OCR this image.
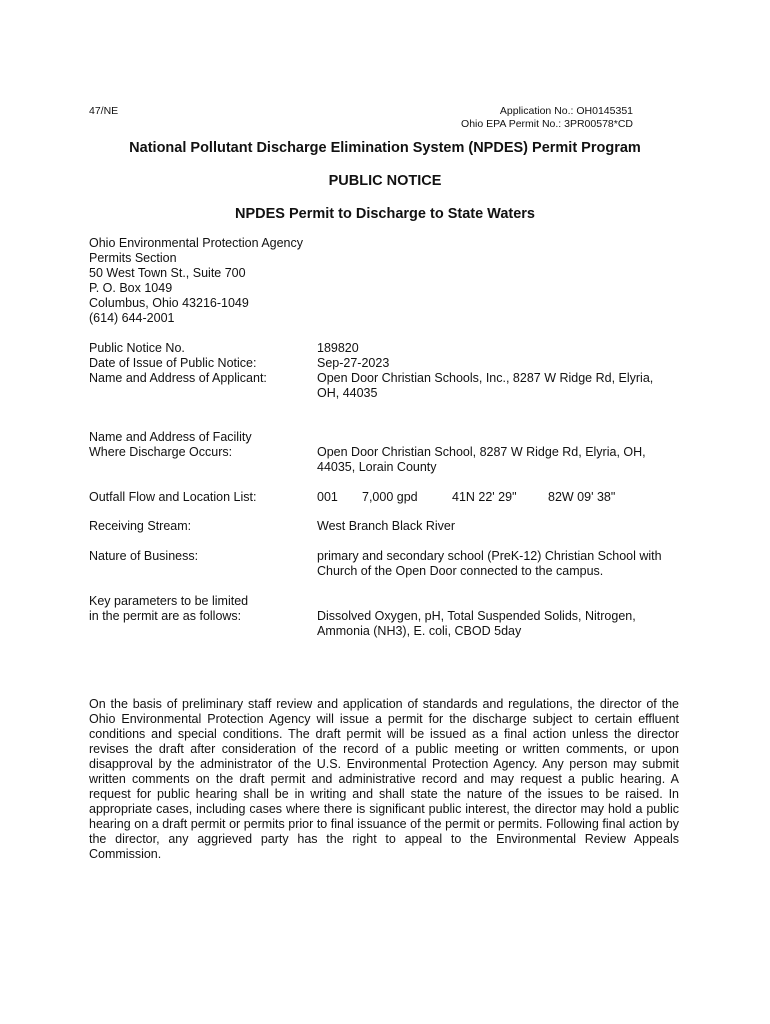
47/NE	Application No.: OH0145351
Ohio EPA Permit No.: 3PR00578*CD
National Pollutant Discharge Elimination System (NPDES) Permit Program
PUBLIC NOTICE
NPDES Permit to Discharge to State Waters
Ohio Environmental Protection Agency
Permits Section
50 West Town St., Suite 700
P. O. Box 1049
Columbus, Ohio 43216-1049
(614) 644-2001
Public Notice No.	189820
Date of Issue of Public Notice:	Sep-27-2023
Name and Address of Applicant:	Open Door Christian Schools, Inc., 8287 W Ridge Rd, Elyria, OH, 44035
Name and Address of Facility
Where Discharge Occurs:	Open Door Christian School, 8287 W Ridge Rd, Elyria, OH, 44035, Lorain County
Outfall Flow and Location List:	001 7,000 gpd	41N 22' 29"	82W 09' 38"
Receiving Stream:	West Branch Black River
Nature of Business:	primary and secondary school (PreK-12) Christian School with Church of the Open Door connected to the campus.
Key parameters to be limited
in the permit are as follows:	Dissolved Oxygen, pH, Total Suspended Solids, Nitrogen, Ammonia (NH3), E. coli, CBOD 5day
On the basis of preliminary staff review and application of standards and regulations, the director of the Ohio Environmental Protection Agency will issue a permit for the discharge subject to certain effluent conditions and special conditions. The draft permit will be issued as a final action unless the director revises the draft after consideration of the record of a public meeting or written comments, or upon disapproval by the administrator of the U.S. Environmental Protection Agency. Any person may submit written comments on the draft permit and administrative record and may request a public hearing. A request for public hearing shall be in writing and shall state the nature of the issues to be raised. In appropriate cases, including cases where there is significant public interest, the director may hold a public hearing on a draft permit or permits prior to final issuance of the permit or permits. Following final action by the director, any aggrieved party has the right to appeal to the Environmental Review Appeals Commission.
